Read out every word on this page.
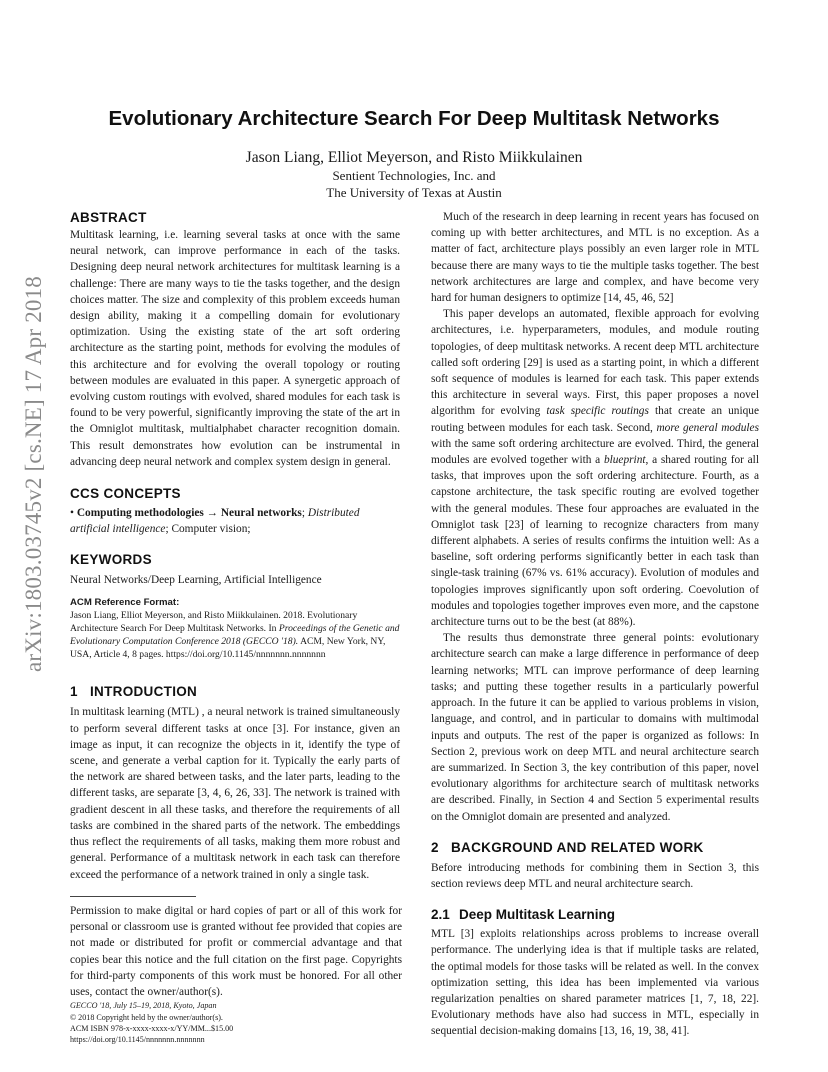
arXiv:1803.03745v2 [cs.NE] 17 Apr 2018
Evolutionary Architecture Search For Deep Multitask Networks
Jason Liang, Elliot Meyerson, and Risto Miikkulainen
Sentient Technologies, Inc. and
The University of Texas at Austin
ABSTRACT

Multitask learning, i.e. learning several tasks at once with the same neural network, can improve performance in each of the tasks. Designing deep neural network architectures for multitask learning is a challenge: There are many ways to tie the tasks together, and the design choices matter. The size and complexity of this problem exceeds human design ability, making it a compelling domain for evolutionary optimization. Using the existing state of the art soft ordering architecture as the starting point, methods for evolving the modules of this architecture and for evolving the overall topology or routing between modules are evaluated in this paper. A synergetic approach of evolving custom routings with evolved, shared modules for each task is found to be very powerful, significantly improving the state of the art in the Omniglot multitask, multialphabet character recognition domain. This result demonstrates how evolution can be instrumental in advancing deep neural network and complex system design in general.

CCS CONCEPTS
• Computing methodologies → Neural networks; Distributed artificial intelligence; Computer vision;
KEYWORDS

Neural Networks/Deep Learning, Artificial Intelligence

ACM Reference Format:
Jason Liang, Elliot Meyerson, and Risto Miikkulainen. 2018. Evolutionary Architecture Search For Deep Multitask Networks. In Proceedings of the Genetic and Evolutionary Computation Conference 2018 (GECCO '18). ACM, New York, NY, USA, Article 4, 8 pages. https://doi.org/10.1145/nnnnnnn.nnnnnnn
1 INTRODUCTION

In multitask learning (MTL) , a neural network is trained simultaneously to perform several different tasks at once [3]. For instance, given an image as input, it can recognize the objects in it, identify the type of scene, and generate a verbal caption for it. Typically the early parts of the network are shared between tasks, and the later parts, leading to the different tasks, are separate [3, 4, 6, 26, 33]. The network is trained with gradient descent in all these tasks, and therefore the requirements of all tasks are combined in the shared parts of the network. The embeddings thus reflect the requirements of all tasks, making them more robust and general. Performance of a multitask network in each task can therefore exceed the performance of a network trained in only a single task.

Much of the research in deep learning in recent years has focused on coming up with better architectures, and MTL is no exception. As a matter of fact, architecture plays possibly an even larger role in MTL because there are many ways to tie the multiple tasks together. The best network architectures are large and complex, and have become very hard for human designers to optimize [14, 45, 46, 52]

This paper develops an automated, flexible approach for evolving architectures, i.e. hyperparameters, modules, and module routing topologies, of deep multitask networks. A recent deep MTL architecture called soft ordering [29] is used as a starting point, in which a different soft sequence of modules is learned for each task. This paper extends this architecture in several ways. First, this paper proposes a novel algorithm for evolving task specific routings that create an unique routing between modules for each task. Second, more general modules with the same soft ordering architecture are evolved. Third, the general modules are evolved together with a blueprint, a shared routing for all tasks, that improves upon the soft ordering architecture. Fourth, as a capstone architecture, the task specific routing are evolved together with the general modules. These four approaches are evaluated in the Omniglot task [23] of learning to recognize characters from many different alphabets. A series of results confirms the intuition well: As a baseline, soft ordering performs significantly better in each task than single-task training (67% vs. 61% accuracy). Evolution of modules and topologies improves significantly upon soft ordering. Coevolution of modules and topologies together improves even more, and the capstone architecture turns out to be the best (at 88%).

The results thus demonstrate three general points: evolutionary architecture search can make a large difference in performance of deep learning networks; MTL can improve performance of deep learning tasks; and putting these together results in a particularly powerful approach. In the future it can be applied to various problems in vision, language, and control, and in particular to domains with multimodal inputs and outputs. The rest of the paper is organized as follows: In Section 2, previous work on deep MTL and neural architecture search are summarized. In Section 3, the key contribution of this paper, novel evolutionary algorithms for architecture search of multitask networks are described. Finally, in Section 4 and Section 5 experimental results on the Omniglot domain are presented and analyzed.

2 BACKGROUND AND RELATED WORK

Before introducing methods for combining them in Section 3, this section reviews deep MTL and neural architecture search.

2.1 Deep Multitask Learning

MTL [3] exploits relationships across problems to increase overall performance. The underlying idea is that if multiple tasks are related, the optimal models for those tasks will be related as well. In the convex optimization setting, this idea has been implemented via various regularization penalties on shared parameter matrices [1, 7, 18, 22]. Evolutionary methods have also had success in MTL, especially in sequential decision-making domains [13, 16, 19, 38, 41].

Permission to make digital or hard copies of part or all of this work for personal or classroom use is granted without fee provided that copies are not made or distributed for profit or commercial advantage and that copies bear this notice and the full citation on the first page. Copyrights for third-party components of this work must be honored. For all other uses, contact the owner/author(s).

GECCO '18, July 15–19, 2018, Kyoto, Japan
© 2018 Copyright held by the owner/author(s).
ACM ISBN 978-x-xxxx-xxxx-x/YY/MM...$15.00
https://doi.org/10.1145/nnnnnnn.nnnnnnn
